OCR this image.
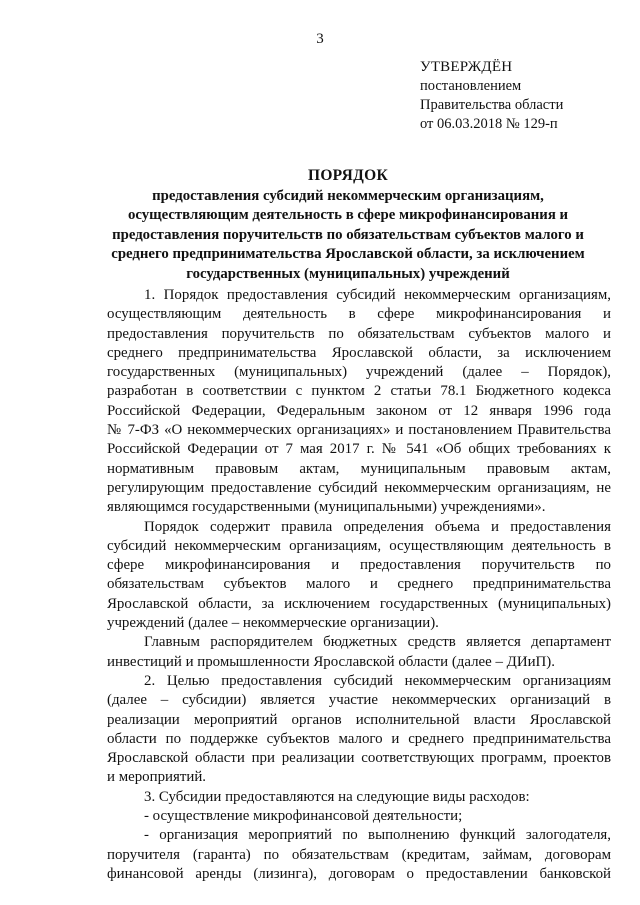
3
УТВЕРЖДЁН
постановлением
Правительства области
от 06.03.2018 № 129-п
ПОРЯДОК
предоставления субсидий некоммерческим организациям,
осуществляющим деятельность в сфере микрофинансирования и
предоставления поручительств по обязательствам субъектов малого и
среднего предпринимательства Ярославской области, за исключением
государственных (муниципальных) учреждений
1. Порядок предоставления субсидий некоммерческим организациям,
осуществляющим деятельность в сфере микрофинансирования и
предоставления поручительств по обязательствам субъектов малого и
среднего предпринимательства Ярославской области, за исключением
государственных (муниципальных) учреждений (далее – Порядок),
разработан в соответствии с пунктом 2 статьи 78.1 Бюджетного кодекса
Российской Федерации, Федеральным законом от 12 января 1996 года
№ 7-ФЗ «О некоммерческих организациях» и постановлением Правительства
Российской Федерации от 7 мая 2017 г. № 541 «Об общих требованиях к
нормативным правовым актам, муниципальным правовым актам,
регулирующим предоставление субсидий некоммерческим организациям, не
являющимся государственными (муниципальными) учреждениями».
Порядок содержит правила определения объема и предоставления
субсидий некоммерческим организациям, осуществляющим деятельность в
сфере микрофинансирования и предоставления поручительств по
обязательствам субъектов малого и среднего предпринимательства
Ярославской области, за исключением государственных (муниципальных)
учреждений (далее – некоммерческие организации).
Главным распорядителем бюджетных средств является департамент
инвестиций и промышленности Ярославской области (далее – ДИиП).
2. Целью предоставления субсидий некоммерческим организациям
(далее – субсидии) является участие некоммерческих организаций в
реализации мероприятий органов исполнительной власти Ярославской
области по поддержке субъектов малого и среднего предпринимательства
Ярославской области при реализации соответствующих программ, проектов
и мероприятий.
3. Субсидии предоставляются на следующие виды расходов:
- осуществление микрофинансовой деятельности;
- организация мероприятий по выполнению функций залогодателя,
поручителя (гаранта) по обязательствам (кредитам, займам, договорам
финансовой аренды (лизинга), договорам о предоставлении банковской
